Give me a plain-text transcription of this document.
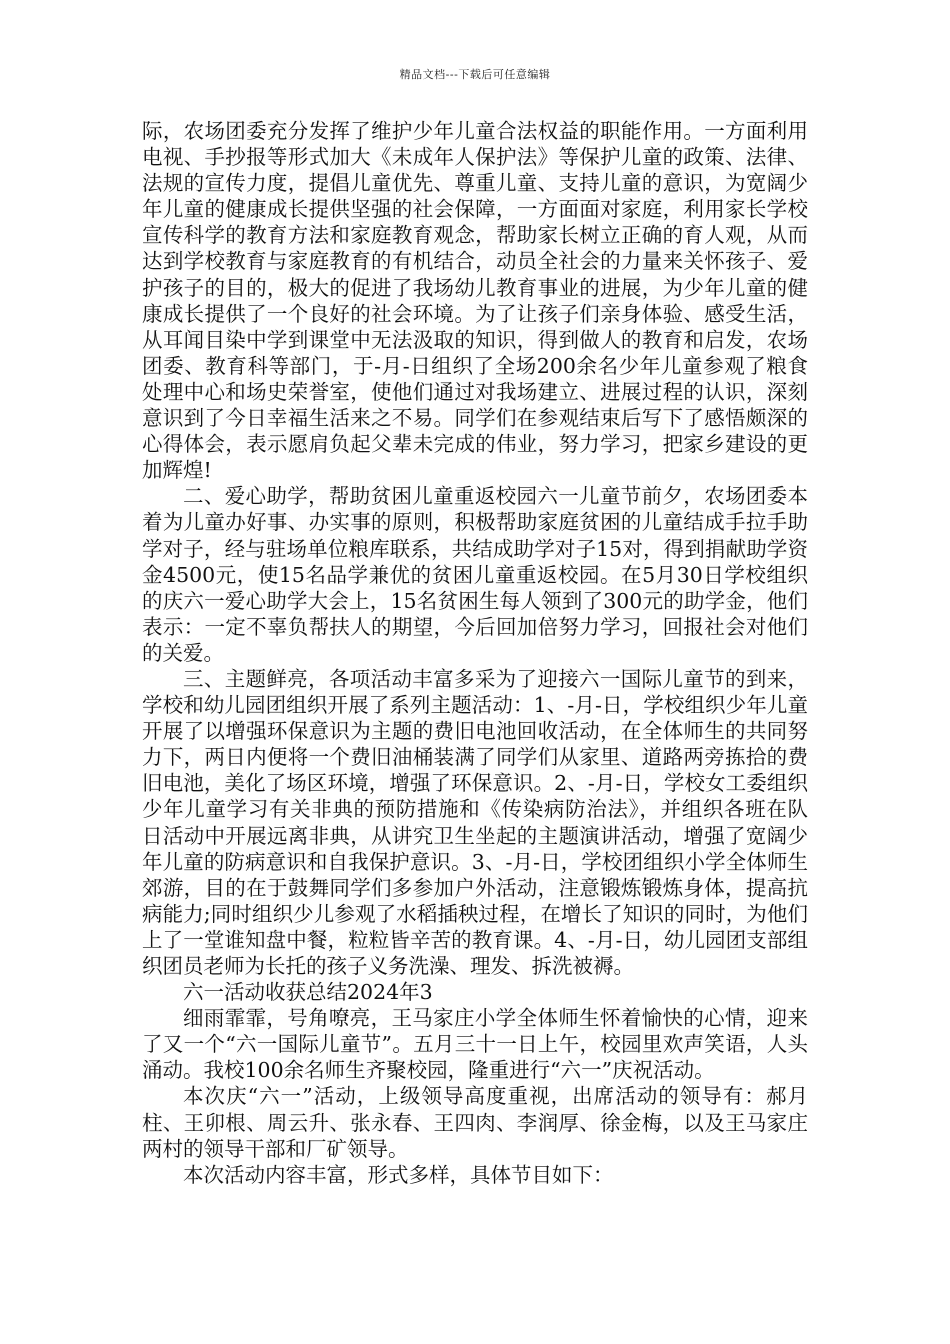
精品文档---下载后可任意编辑

际，农场团委充分发挥了维护少年儿童合法权益的职能作用。一方面利用电视、手抄报等形式加大《未成年人保护法》等保护儿童的政策、法律、法规的宣传力度，提倡儿童优先、尊重儿童、支持儿童的意识，为宽阔少年儿童的健康成长提供坚强的社会保障，一方面面对家庭，利用家长学校宣传科学的教育方法和家庭教育观念，帮助家长树立正确的育人观，从而达到学校教育与家庭教育的有机结合，动员全社会的力量来关怀孩子、爱护孩子的目的，极大的促进了我场幼儿教育事业的进展，为少年儿童的健康成长提供了一个良好的社会环境。为了让孩子们亲身体验、感受生活，从耳闻目染中学到课堂中无法汲取的知识，得到做人的教育和启发，农场团委、教育科等部门，于-月-日组织了全场200余名少年儿童参观了粮食处理中心和场史荣誉室，使他们通过对我场建立、进展过程的认识，深刻意识到了今日幸福生活来之不易。同学们在参观结束后写下了感悟颇深的心得体会，表示愿肩负起父辈未完成的伟业，努力学习，把家乡建设的更加辉煌!

二、爱心助学，帮助贫困儿童重返校园六一儿童节前夕，农场团委本着为儿童办好事、办实事的原则，积极帮助家庭贫困的儿童结成手拉手助学对子，经与驻场单位粮库联系，共结成助学对子15对，得到捐献助学资金4500元，使15名品学兼优的贫困儿童重返校园。在5月30日学校组织的庆六一爱心助学大会上，15名贫困生每人领到了300元的助学金，他们表示：一定不辜负帮扶人的期望，今后回加倍努力学习，回报社会对他们的关爱。

三、主题鲜亮，各项活动丰富多采为了迎接六一国际儿童节的到来，学校和幼儿园团组织开展了系列主题活动：1、-月-日，学校组织少年儿童开展了以增强环保意识为主题的费旧电池回收活动，在全体师生的共同努力下，两日内便将一个费旧油桶装满了同学们从家里、道路两旁拣拾的费旧电池，美化了场区环境，增强了环保意识。2、-月-日，学校女工委组织少年儿童学习有关非典的预防措施和《传染病防治法》，并组织各班在队日活动中开展远离非典，从讲究卫生坐起的主题演讲活动，增强了宽阔少年儿童的防病意识和自我保护意识。3、-月-日，学校团组织小学全体师生郊游，目的在于鼓舞同学们多参加户外活动，注意锻炼锻炼身体，提高抗病能力;同时组织少儿参观了水稻插秧过程，在增长了知识的同时，为他们上了一堂谁知盘中餐，粒粒皆辛苦的教育课。4、-月-日，幼儿园团支部组织团员老师为长托的孩子义务洗澡、理发、拆洗被褥。

六一活动收获总结2024年3

细雨霏霏，号角嘹亮，王马家庄小学全体师生怀着愉快的心情，迎来了又一个“六一国际儿童节”。五月三十一日上午，校园里欢声笑语，人头涌动。我校100余名师生齐聚校园，隆重进行“六一”庆祝活动。

本次庆“六一”活动，上级领导高度重视，出席活动的领导有：郝月柱、王卯根、周云升、张永春、王四肉、李润厚、徐金梅，以及王马家庄两村的领导干部和厂矿领导。

本次活动内容丰富，形式多样，具体节目如下：
